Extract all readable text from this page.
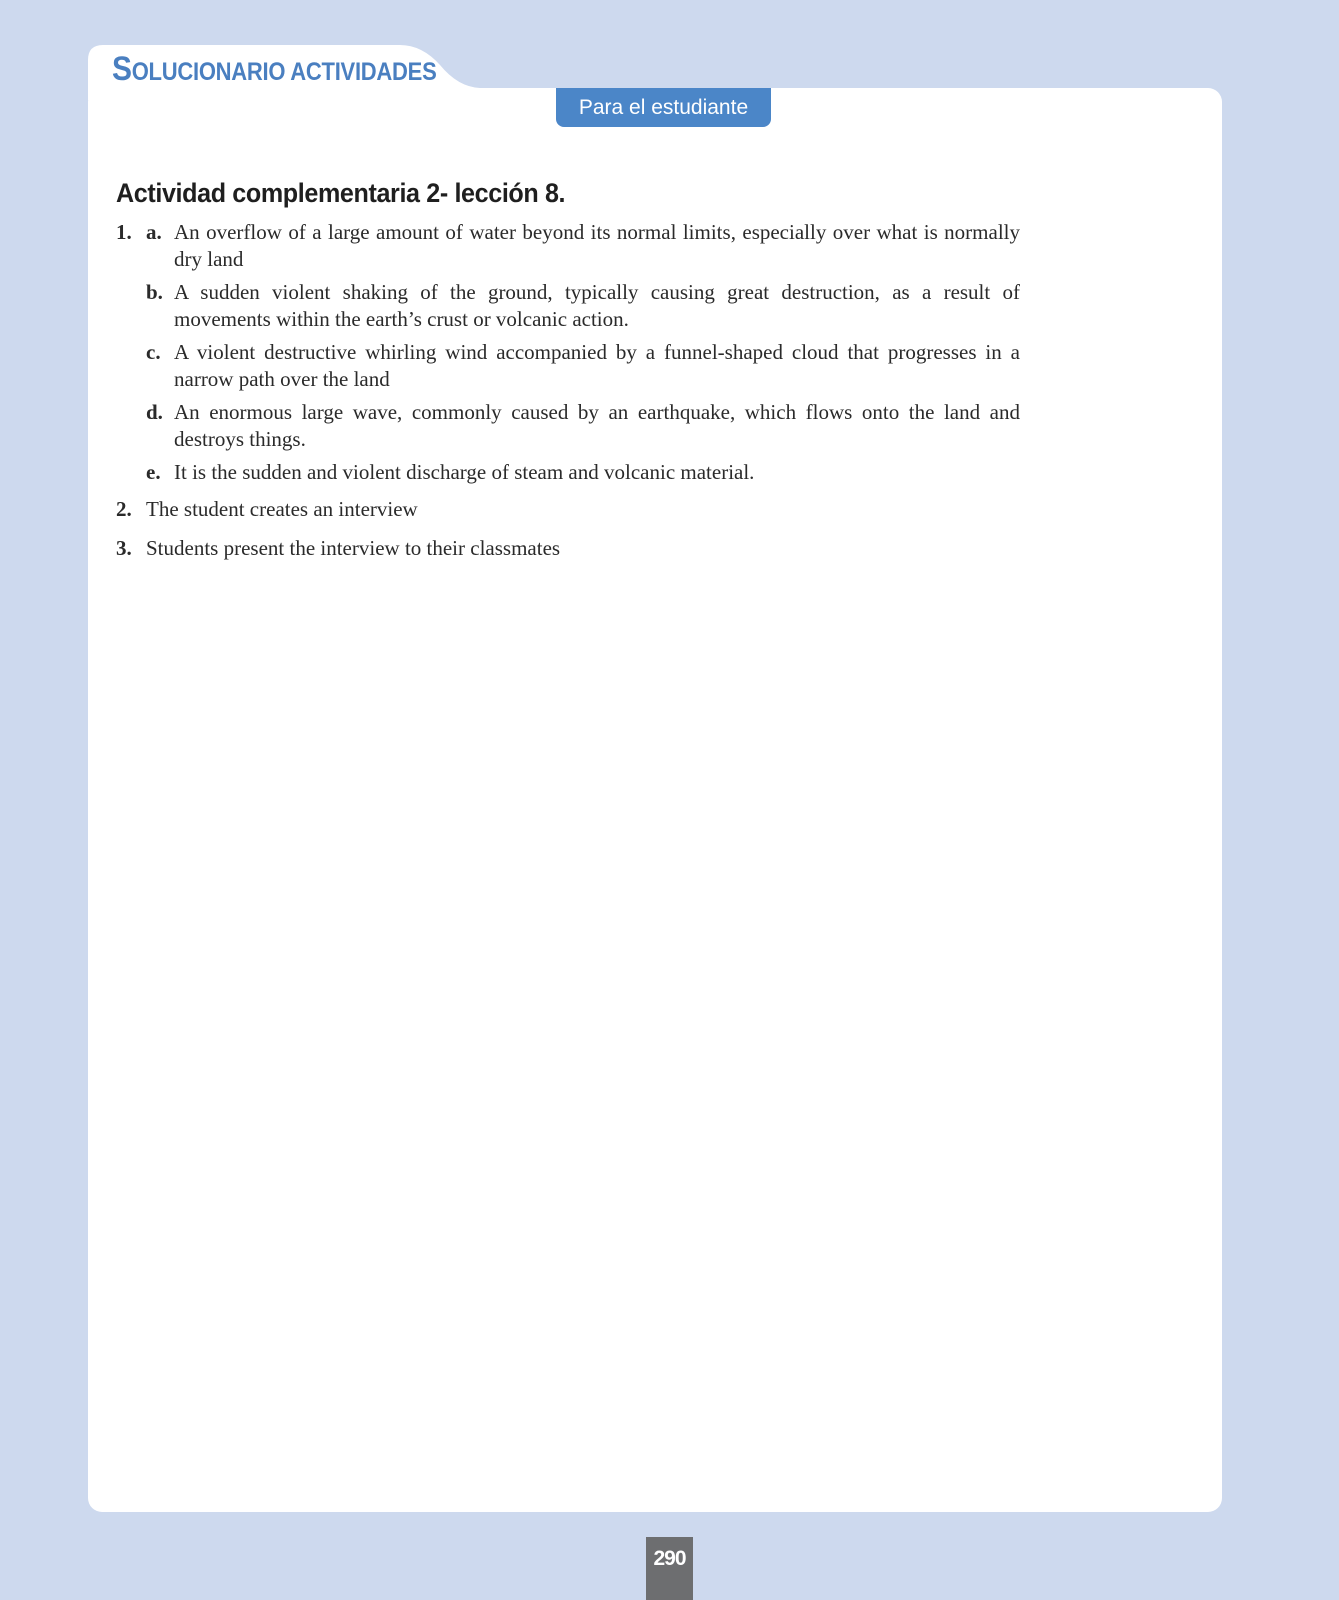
SOLUCIONARIO ACTIVIDADES
Para el estudiante
Actividad complementaria 2- lección 8.
1. a. An overflow of a large amount of water beyond its normal limits, especially over what is normally dry land
b. A sudden violent shaking of the ground, typically causing great destruction, as a result of movements within the earth’s crust or volcanic action.
c. A violent destructive whirling wind accompanied by a funnel-shaped cloud that progresses in a narrow path over the land
d. An enormous large wave, commonly caused by an earthquake, which flows onto the land and destroys things.
e. It is the sudden and violent discharge of steam and volcanic material.
2. The student creates an interview
3. Students present the interview to their classmates
290
